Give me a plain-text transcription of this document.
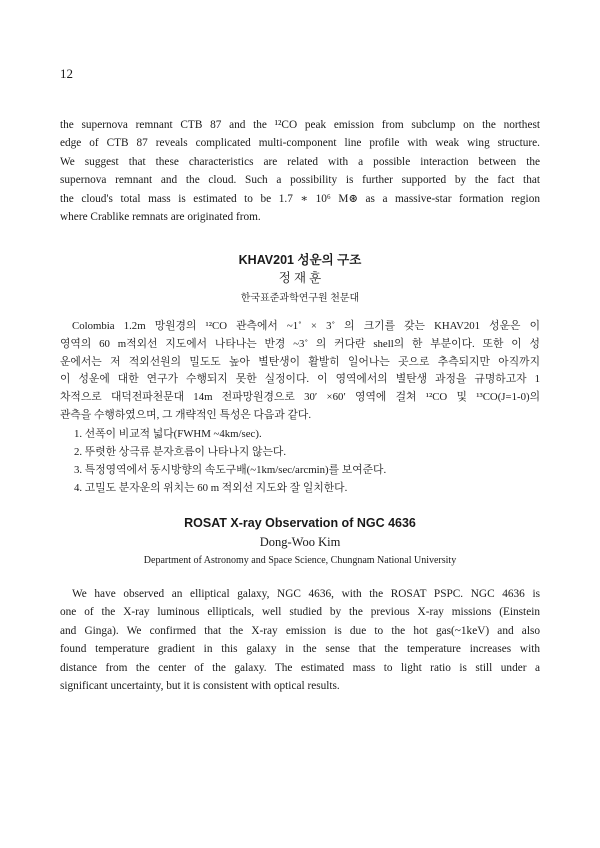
12
the supernova remnant CTB 87 and the ¹²CO peak emission from subclump on the northest
edge of CTB 87 reveals complicated multi-component line profile with weak wing structure.
We suggest that these characteristics are related with a possible interaction between the
supernova remnant and the cloud. Such a possibility is further supported by the fact that
the cloud's total mass is estimated to be 1.7 ∗ 10⁶ M⊛ as a massive-star formation region
where Crablike remnats are originated from.
KHAV201 성운의 구조
정 재 훈
한국표준과학연구원 천문대
Colombia 1.2m 망원경의 ¹²CO 관측에서 ~1˚ × 3˚ 의 크기를 갖는 KHAV201 성운은 이
영역의 60 m적외선 지도에서 나타나는 반경 ~3˚ 의 커다란 shell의 한 부분이다. 또한 이 성
운에서는 저 적외선원의 밀도도 높아 별탄생이 활발히 일어나는 곳으로 추측되지만 아직까지
이 성운에 대한 연구가 수행되지 못한 실정이다. 이 영역에서의 별탄생 과정을 규명하고자 1
차적으로 대덕전파천문대 14m 전파망원경으로 30′ ×60′ 영역에 걸쳐 ¹²CO 및 ¹³CO(J=1-0)의
관측을 수행하였으며, 그 개략적인 특성은 다음과 같다.
1. 선폭이 비교적 넓다(FWHM ~4km/sec).
2. 뚜렷한 상극류 분자흐름이 나타나지 않는다.
3. 특정영역에서 동시방향의 속도구배(~1km/sec/arcmin)를 보여준다.
4. 고밀도 분자운의 위치는 60 m 적외선 지도와 잘 일치한다.
ROSAT X-ray Observation of NGC 4636
Dong-Woo Kim
Department of Astronomy and Space Science, Chungnam National University
We have observed an elliptical galaxy, NGC 4636, with the ROSAT PSPC. NGC 4636 is
one of the X-ray luminous ellipticals, well studied by the previous X-ray missions (Einstein
and Ginga). We confirmed that the X-ray emission is due to the hot gas(~1keV) and also
found temperature gradient in this galaxy in the sense that the temperature increases with
distance from the center of the galaxy. The estimated mass to light ratio is still under a
significant uncertainty, but it is consistent with optical results.
